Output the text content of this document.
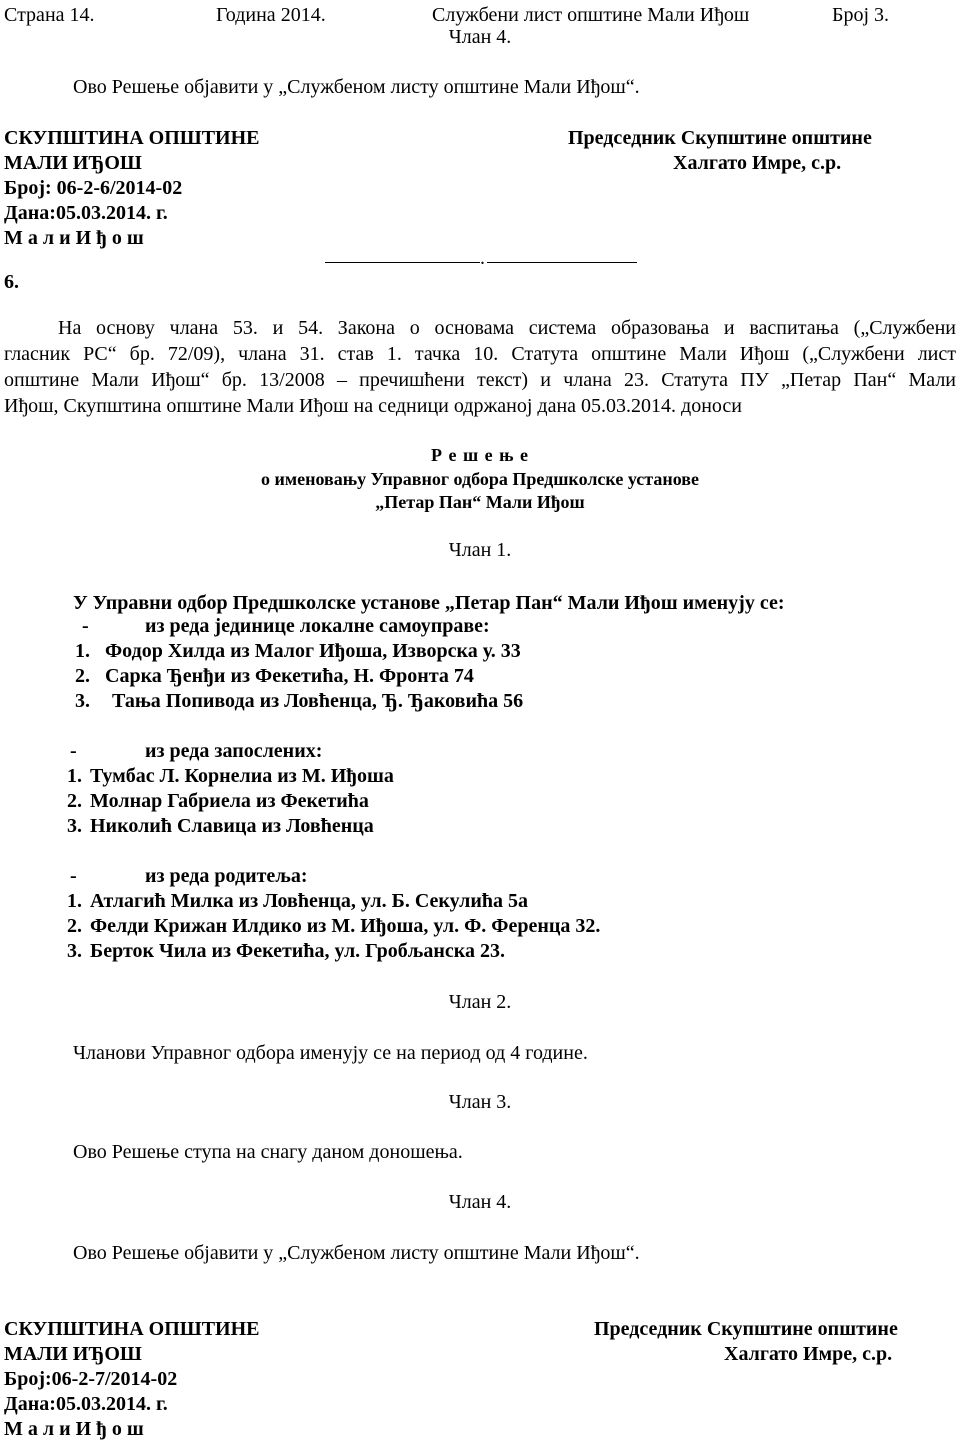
Страна 14.	Година 2014.	Службени лист општине Мали Иђош	Број 3.
Члан 4.
Ово Решење објавити у „Службеном листу општине Мали Иђош“.
СКУПШТИНА ОПШТИНЕ
МАЛИ ИЂОШ
Број: 06-2-6/2014-02
Дана:05.03.2014. г.
М а л и И ђ о ш
Председник Скупштине општине
Халгато Имре, с.р.
.
6.
На основу члана 53. и 54. Закона о основама система образовања и васпитања („Службени
гласник РС“ бр. 72/09), члана 31. став 1. тачка 10. Статута општине Мали Иђош („Службени лист
општине Мали Иђош“ бр. 13/2008 – пречишћени текст) и члана 23. Статута ПУ „Петар Пан“ Мали
Иђош, Скупштина општине Мали Иђош на седници одржаној дана 05.03.2014. доноси
Р е ш е њ е
о именовању Управног одбора Предшколске установе
„Петар Пан“ Мали Иђош
Члан 1.
У Управни одбор Предшколске установе „Петар Пан“ Мали Иђош именују се:
-	из реда јединице локалне самоуправе:
1. Фодор Хилда из Малог Иђоша, Изворска у. 33
2. Сарка Ђенђи из Фекетића, Н. Фронта 74
3. Тања Попивода из Ловћенца, Ђ. Ђаковића 56
-	из реда запослених:
1. Тумбас Л. Корнелиа из М. Иђоша
2. Молнар Габриела из Фекетића
3. Николић Славица из Ловћенца
-	из реда родитеља:
1. Атлагић Милка из Ловћенца, ул. Б. Секулића 5а
2. Фелди Крижан Илдико из М. Иђоша, ул. Ф. Ференца 32.
3. Берток Чила из Фекетића, ул. Гробљанска 23.
Члан 2.
Чланови Управног одбора именују се на период од 4 године.
Члан 3.
Ово Решење ступа на снагу даном доношења.
Члан 4.
Ово Решење објавити у „Службеном листу општине Мали Иђош“.
СКУПШТИНА ОПШТИНЕ
МАЛИ ИЂОШ
Број:06-2-7/2014-02
Дана:05.03.2014. г.
М а л и И ђ о ш
Председник Скупштине општине
Халгато Имре, с.р.
